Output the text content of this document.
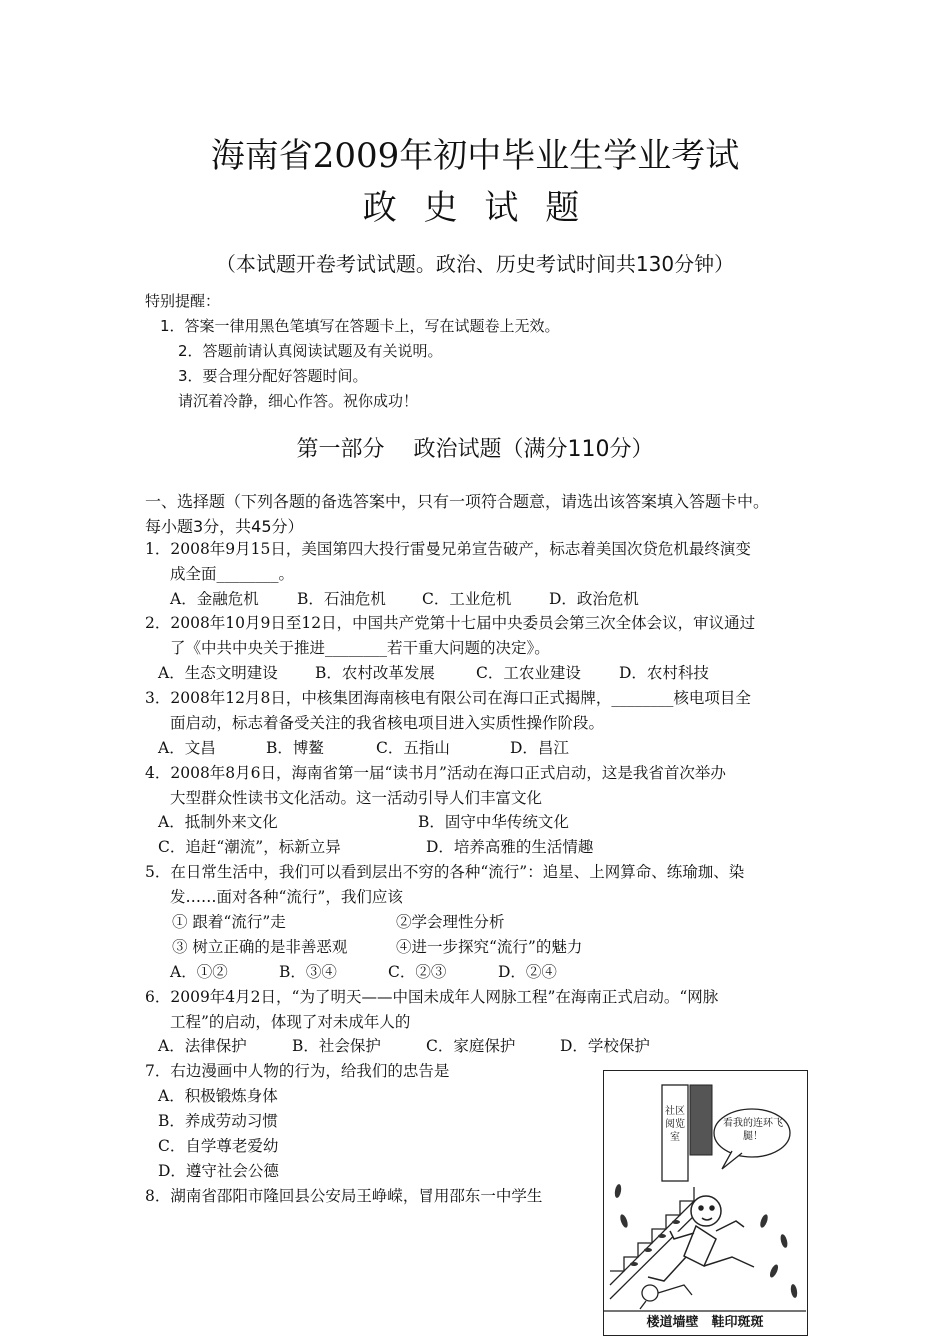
海南省2009年初中毕业生学业考试
政 史 试 题
（本试题开卷考试试题。政治、历史考试时间共130分钟）
特别提醒：
1．答案一律用黑色笔填写在答题卡上，写在试题卷上无效。
2．答题前请认真阅读试题及有关说明。
3．要合理分配好答题时间。
请沉着冷静，细心作答。祝你成功！
第一部分　 政治试题（满分110分）
一、选择题（下列各题的备选答案中，只有一项符合题意，请选出该答案填入答题卡中。
每小题3分，共45分）
1．2008年9月15日，美国第四大投行雷曼兄弟宣告破产，标志着美国次贷危机最终演变
成全面________。
A．金融危机 B．石油危机 C．工业危机 D．政治危机
2．2008年10月9日至12日，中国共产党第十七届中央委员会第三次全体会议，审议通过
了《中共中央关于推进________若干重大问题的决定》。
A．生态文明建设 B．农村改革发展	C．工农业建设 D．农村科技
3．2008年12月8日，中核集团海南核电有限公司在海口正式揭牌，________核电项目全
面启动，标志着备受关注的我省核电项目进入实质性操作阶段。
A．文昌	B．博鳌	C．五指山	D．昌江
4．2008年8月6日，海南省第一届“读书月”活动在海口正式启动，这是我省首次举办
大型群众性读书文化活动。这一活动引导人们丰富文化
A．抵制外来文化	B．固守中华传统文化
C．追赶“潮流”，标新立异	D．培养高雅的生活情趣
5．在日常生活中，我们可以看到层出不穷的各种“流行”：追星、上网算命、练瑜珈、染
发……面对各种“流行”，我们应该
① 跟着“流行”走	②学会理性分析
③ 树立正确的是非善恶观	④进一步探究“流行”的魅力
A．①②	B．③④	C．②③	D．②④
6．2009年4月2日，“为了明天——中国未成年人网脉工程”在海南正式启动。“网脉
工程”的启动，体现了对未成年人的
A．法律保护	B．社会保护	C．家庭保护	D．学校保护
7．右边漫画中人物的行为，给我们的忠告是
A．积极锻炼身体
B．养成劳动习惯
C．自学尊老爱幼
D．遵守社会公德
8．湖南省邵阳市隆回县公安局王峥嵘，冒用邵东一中学生
社区阅览室
看我的连环飞腿！
楼道墙壁　鞋印斑斑
